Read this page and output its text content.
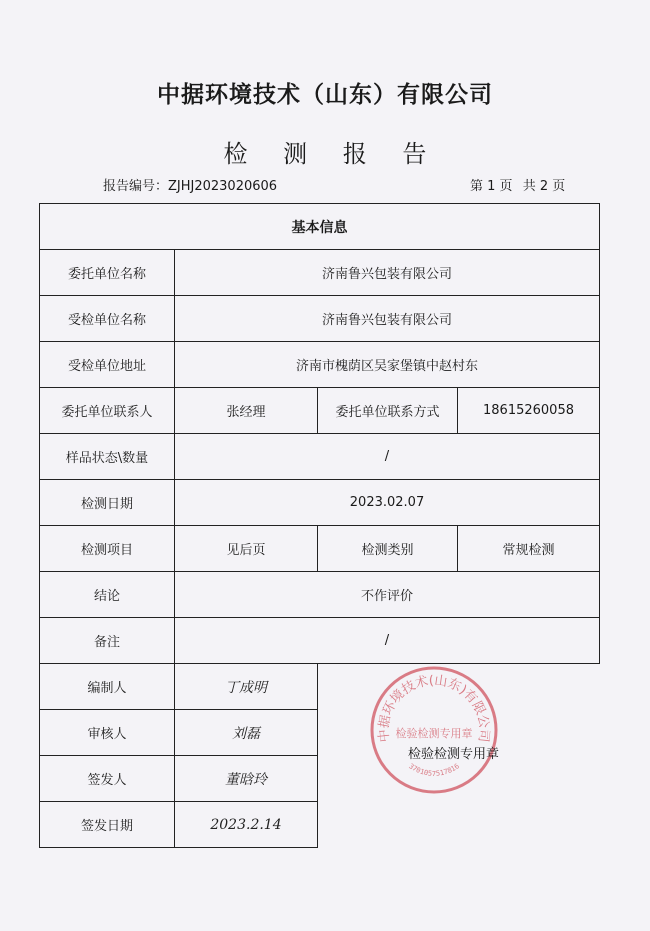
中据环境技术（山东）有限公司
检 测 报 告
报告编号：ZJHJ2023020606	第 1 页 共 2 页
基本信息			
委托单位名称	济南鲁兴包装有限公司		
受检单位名称	济南鲁兴包装有限公司		
受检单位地址	济南市槐荫区吴家堡镇中赵村东		
委托单位联系人	张经理	委托单位联系方式	18615260058
样品状态\数量	/		
检测日期	2023.02.07		
检测项目	见后页	检测类别	常规检测
结论	不作评价		
备注	/		
编制人	丁成明		
审核人	刘磊		
签发人	董晗玲		
签发日期	2023.2.14		
中据环境技术(山东)有限公司
检验检测专用章
3701057517816
检验检测专用章
